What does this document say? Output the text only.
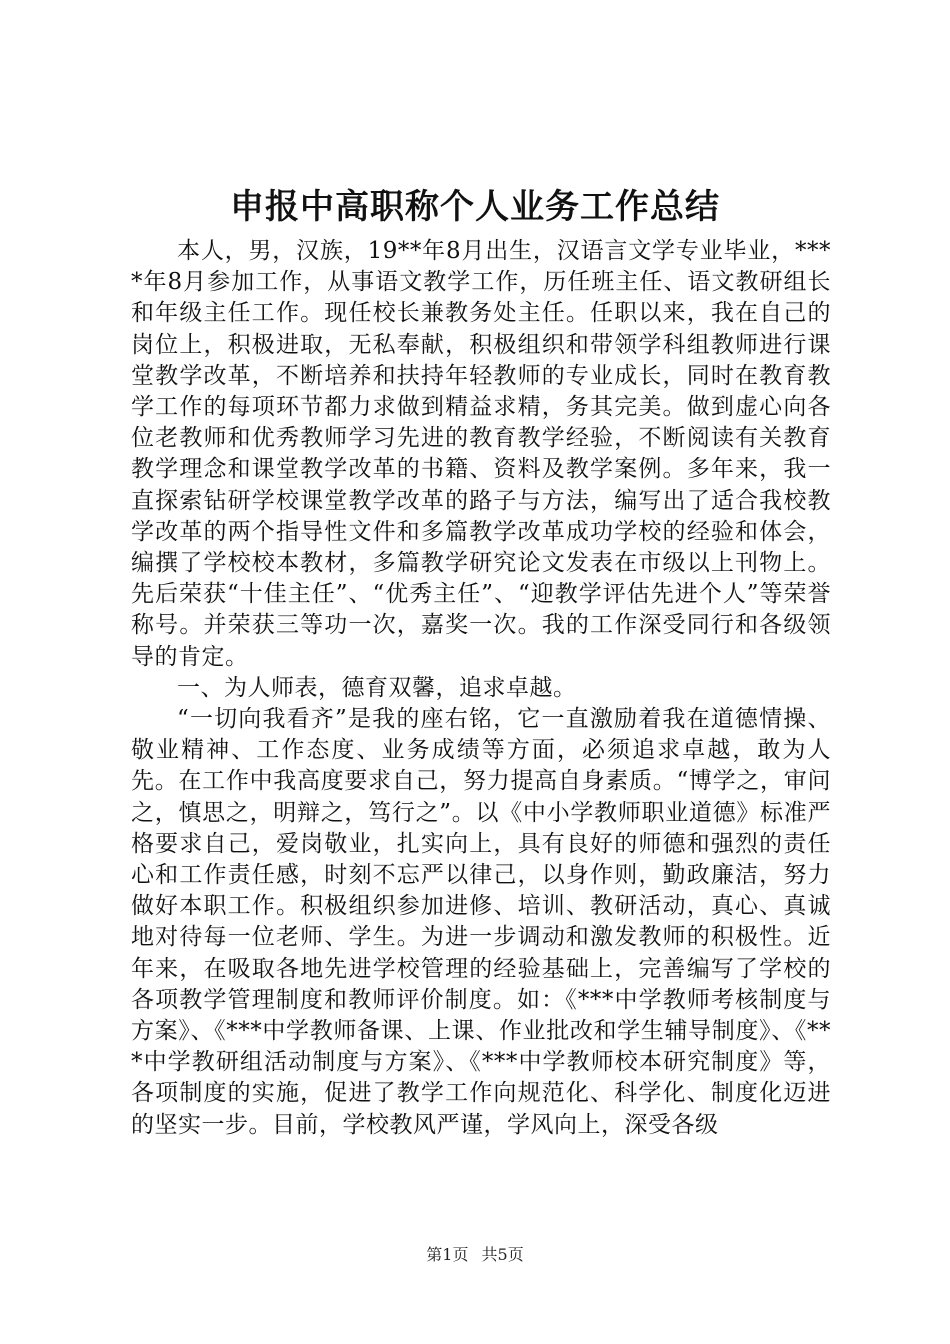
申报中高职称个人业务工作总结

本人，男，汉族，19**年8月出生，汉语言文学专业毕业，****年8月参加工作，从事语文教学工作，历任班主任、语文教研组长和年级主任工作。现任校长兼教务处主任。任职以来，我在自己的岗位上，积极进取，无私奉献，积极组织和带领学科组教师进行课堂教学改革，不断培养和扶持年轻教师的专业成长，同时在教育教学工作的每项环节都力求做到精益求精，务其完美。做到虚心向各位老教师和优秀教师学习先进的教育教学经验，不断阅读有关教育教学理念和课堂教学改革的书籍、资料及教学案例。多年来，我一直探索钻研学校课堂教学改革的路子与方法，编写出了适合我校教学改革的两个指导性文件和多篇教学改革成功学校的经验和体会，编撰了学校校本教材，多篇教学研究论文发表在市级以上刊物上。先后荣获“十佳主任”、“优秀主任”、“迎教学评估先进个人”等荣誉称号。并荣获三等功一次，嘉奖一次。我的工作深受同行和各级领导的肯定。

一、为人师表，德育双馨，追求卓越。

“一切向我看齐”是我的座右铭，它一直激励着我在道德情操、敬业精神、工作态度、业务成绩等方面，必须追求卓越，敢为人先。在工作中我高度要求自己，努力提高自身素质。“博学之，审问之，慎思之，明辩之，笃行之”。以《中小学教师职业道德》标准严格要求自己，爱岗敬业，扎实向上，具有良好的师德和强烈的责任心和工作责任感，时刻不忘严以律己，以身作则，勤政廉洁，努力做好本职工作。积极组织参加进修、培训、教研活动，真心、真诚地对待每一位老师、学生。为进一步调动和激发教师的积极性。近年来，在吸取各地先进学校管理的经验基础上，完善编写了学校的各项教学管理制度和教师评价制度。如：《***中学教师考核制度与方案》、《***中学教师备课、上课、作业批改和学生辅导制度》、《***中学教研组活动制度与方案》、《***中学教师校本研究制度》等，各项制度的实施，促进了教学工作向规范化、科学化、制度化迈进的坚实一步。目前，学校教风严谨，学风向上，深受各级

第1页 共5页
